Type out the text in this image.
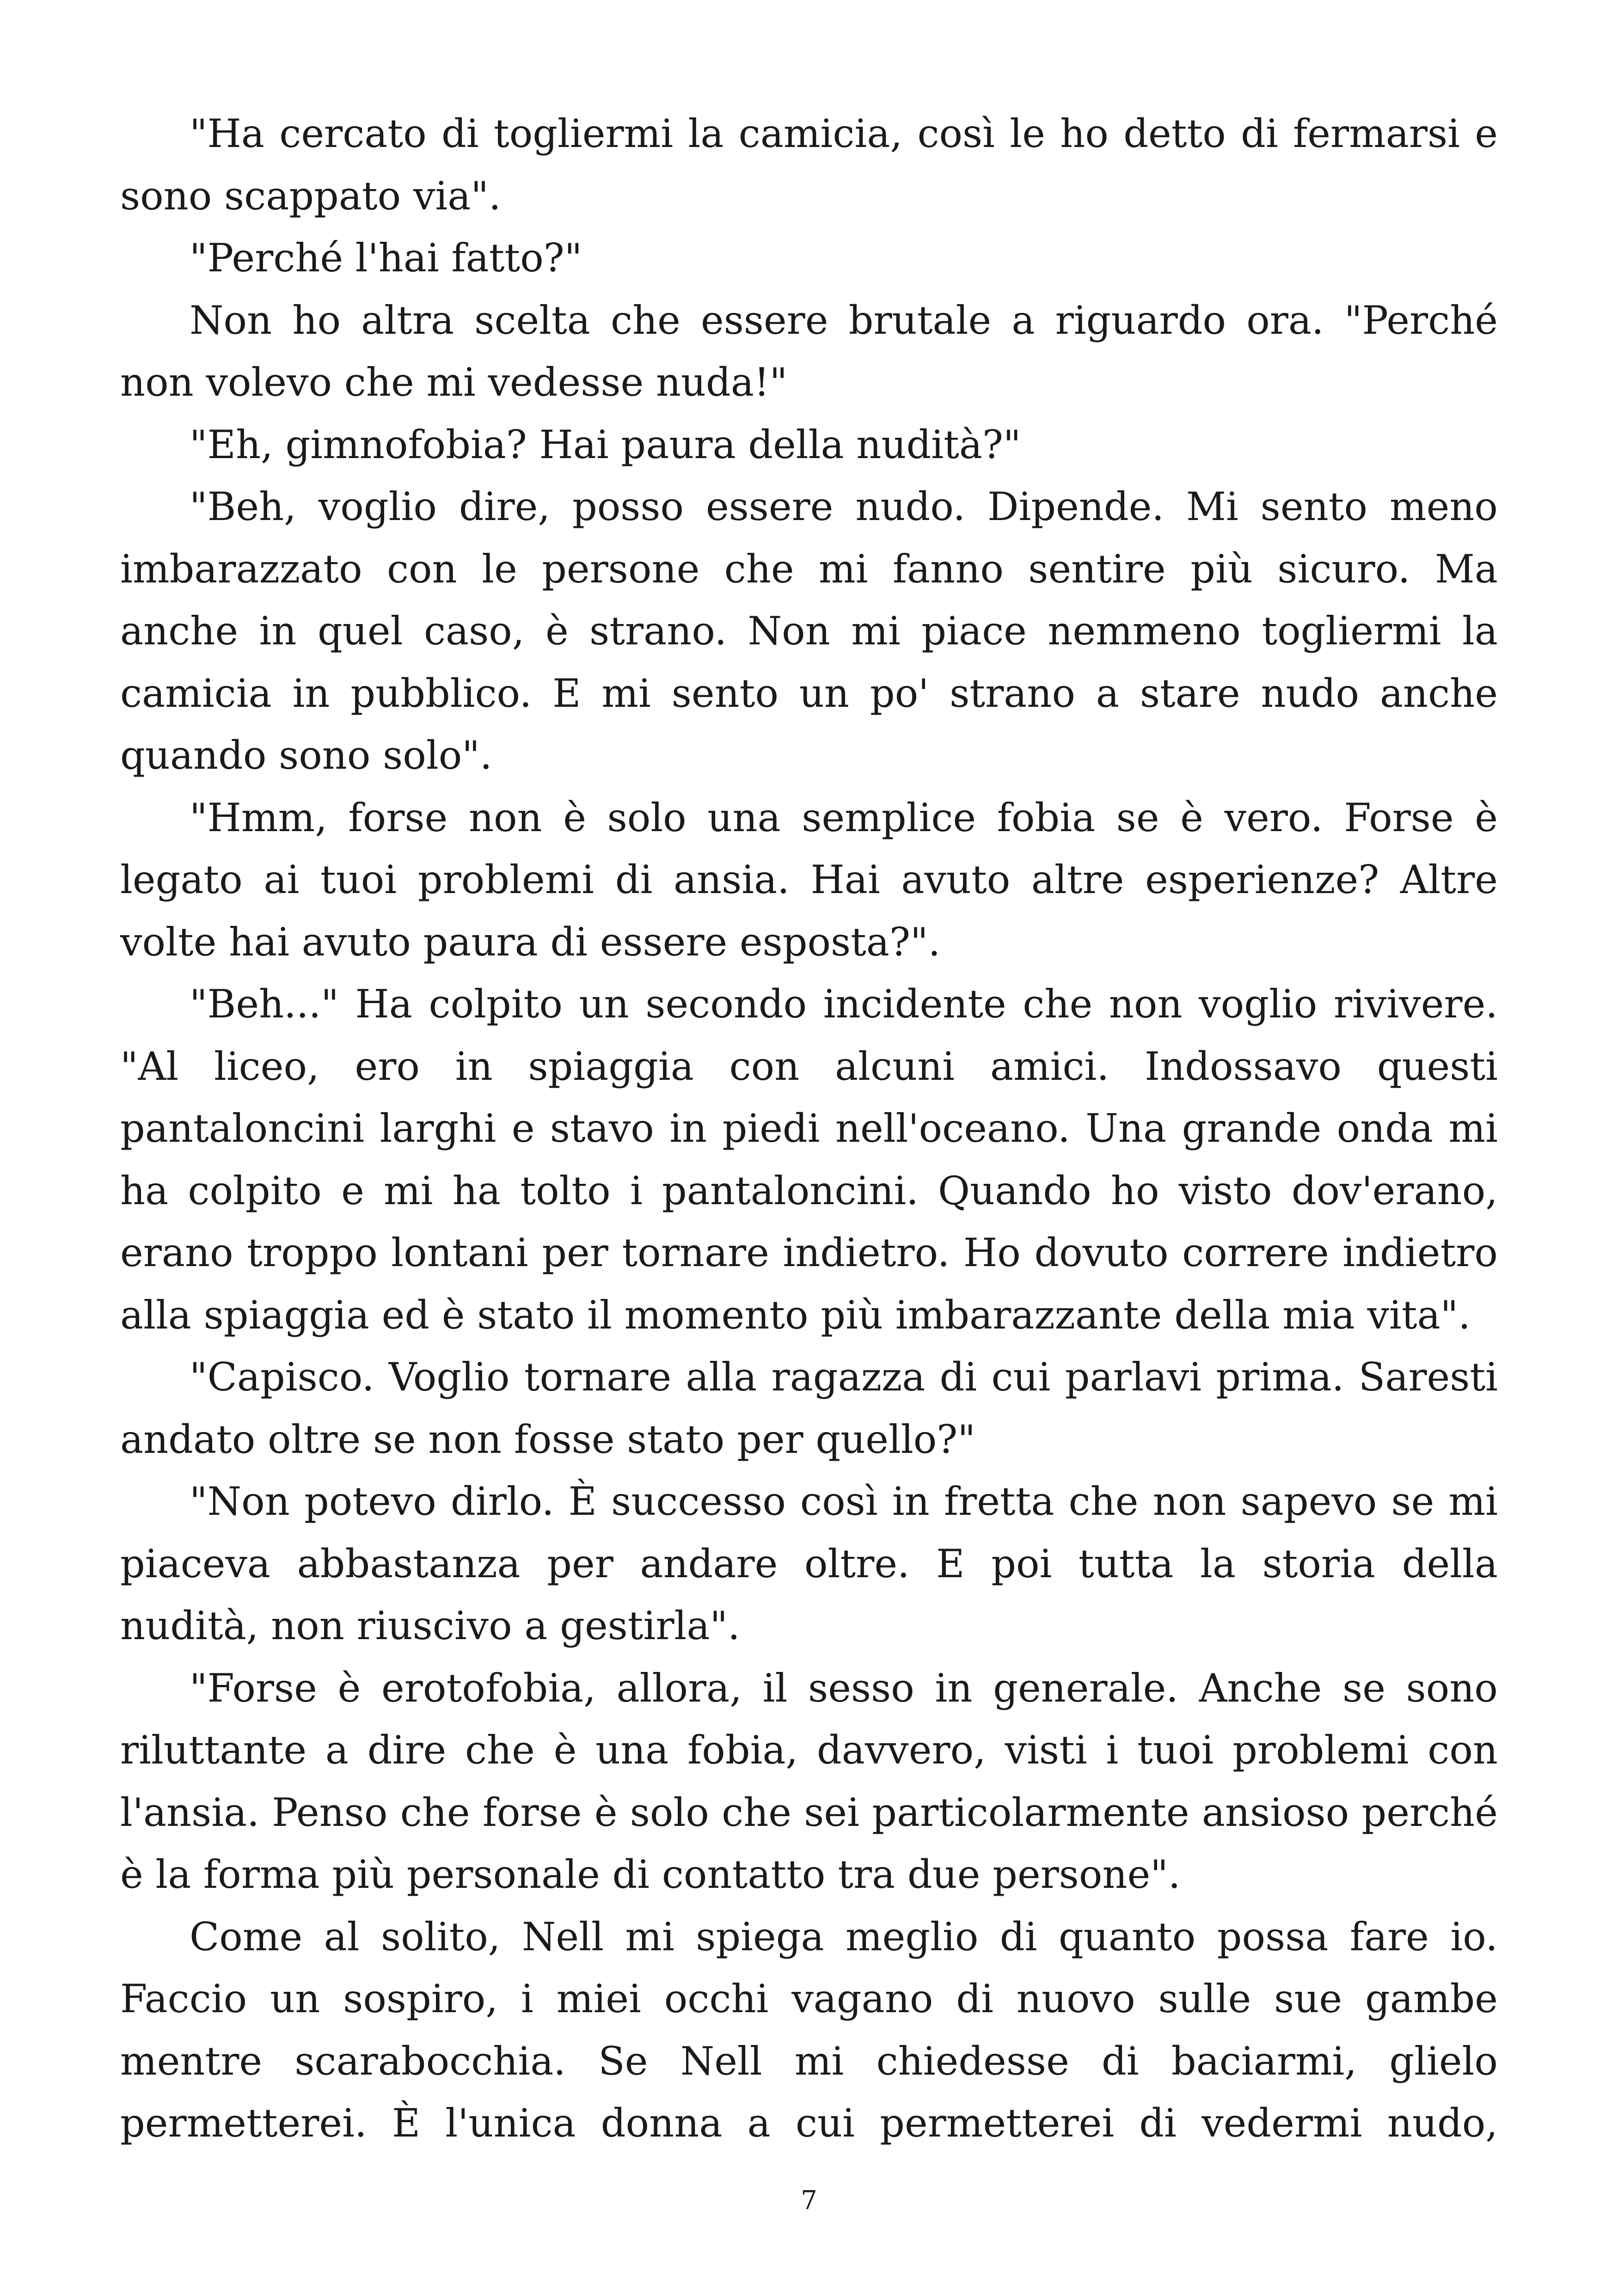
"Ha cercato di togliermi la camicia, così le ho detto di fermarsi e sono scappato via".

"Perché l'hai fatto?"

Non ho altra scelta che essere brutale a riguardo ora. "Perché non volevo che mi vedesse nuda!"

"Eh, gimnofobia? Hai paura della nudità?"

"Beh, voglio dire, posso essere nudo. Dipende. Mi sento meno imbarazzato con le persone che mi fanno sentire più sicuro. Ma anche in quel caso, è strano. Non mi piace nemmeno togliermi la camicia in pubblico. E mi sento un po' strano a stare nudo anche quando sono solo".

"Hmm, forse non è solo una semplice fobia se è vero. Forse è legato ai tuoi problemi di ansia. Hai avuto altre esperienze? Altre volte hai avuto paura di essere esposta?".

"Beh..." Ha colpito un secondo incidente che non voglio rivivere. "Al liceo, ero in spiaggia con alcuni amici. Indossavo questi pantaloncini larghi e stavo in piedi nell'oceano. Una grande onda mi ha colpito e mi ha tolto i pantaloncini. Quando ho visto dov'erano, erano troppo lontani per tornare indietro. Ho dovuto correre indietro alla spiaggia ed è stato il momento più imbarazzante della mia vita".

"Capisco. Voglio tornare alla ragazza di cui parlavi prima. Saresti andato oltre se non fosse stato per quello?"

"Non potevo dirlo. È successo così in fretta che non sapevo se mi piaceva abbastanza per andare oltre. E poi tutta la storia della nudità, non riuscivo a gestirla".

"Forse è erotofobia, allora, il sesso in generale. Anche se sono riluttante a dire che è una fobia, davvero, visti i tuoi problemi con l'ansia. Penso che forse è solo che sei particolarmente ansioso perché è la forma più personale di contatto tra due persone".

Come al solito, Nell mi spiega meglio di quanto possa fare io. Faccio un sospiro, i miei occhi vagano di nuovo sulle sue gambe mentre scarabocchia. Se Nell mi chiedesse di baciarmi, glielo permetterei. È l'unica donna a cui permetterei di vedermi nudo,

7
